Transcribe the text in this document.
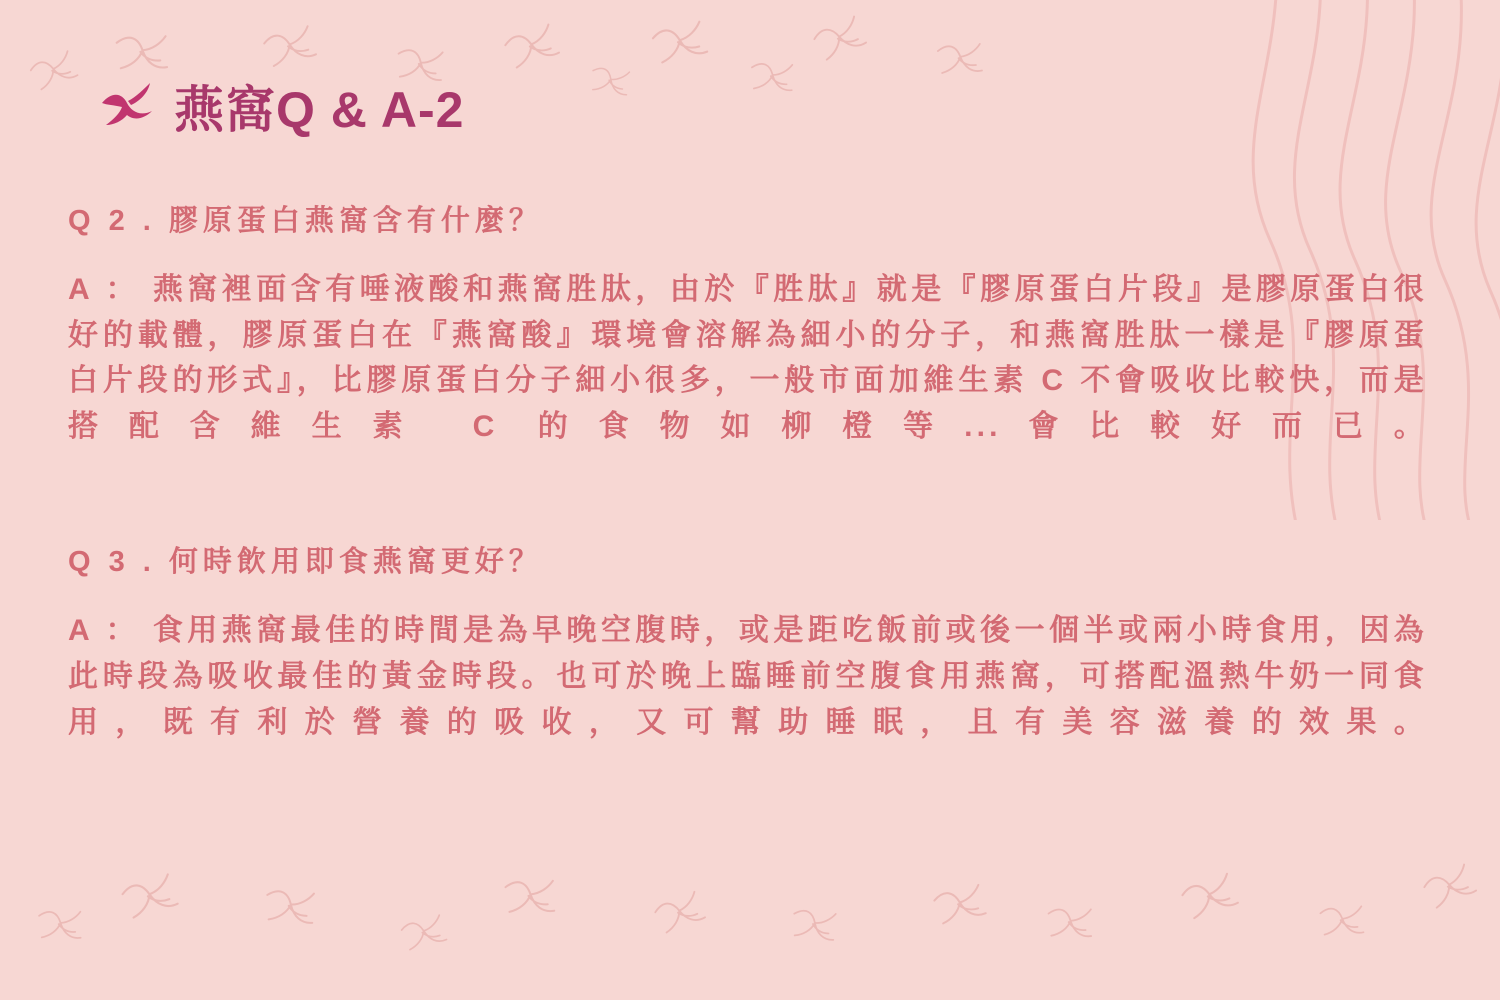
燕窩Q & A-2
Q 2 . 膠原蛋白燕窩含有什麼？
A ： 燕窩裡面含有唾液酸和燕窩胜肽，由於『胜肽』就是『膠原蛋白片段』是膠原蛋白很好的載體，膠原蛋白在『燕窩酸』環境會溶解為細小的分子，和燕窩胜肽一樣是『膠原蛋白片段的形式』，比膠原蛋白分子細小很多，一般市面加維生素 C 不會吸收比較快，而是搭配含維生素 C 的食物如柳橙等...會比較好而已。
Q 3 . 何時飲用即食燕窩更好？
A ： 食用燕窩最佳的時間是為早晚空腹時，或是距吃飯前或後一個半或兩小時食用，因為此時段為吸收最佳的黃金時段。也可於晚上臨睡前空腹食用燕窩，可搭配溫熱牛奶一同食用，既有利於營養的吸收，又可幫助睡眠，且有美容滋養的效果。
